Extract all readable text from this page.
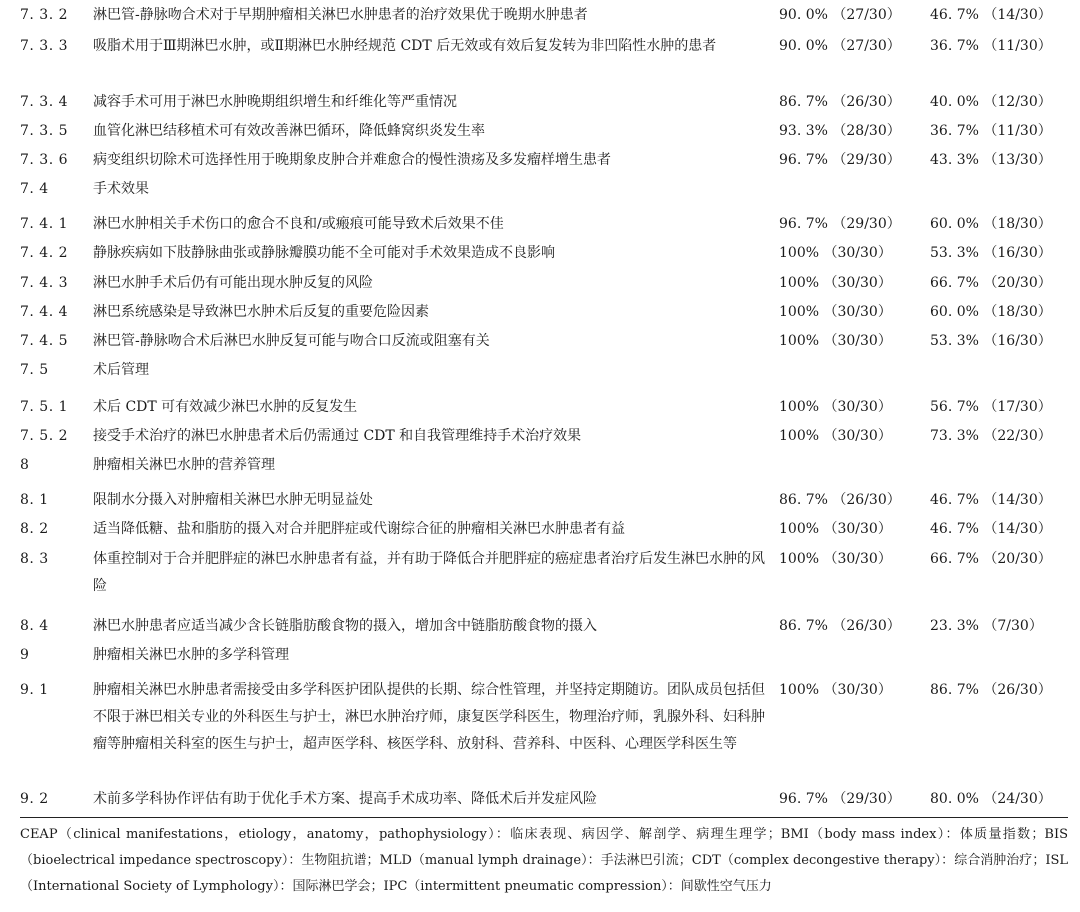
7. 3. 2 淋巴管-静脉吻合术对于早期肿瘤相关淋巴水肿患者的治疗效果优于晚期水肿患者	90. 0% （27/30） 46. 7% （14/30）
7. 3. 3 吸脂术用于Ⅲ期淋巴水肿，或Ⅱ期淋巴水肿经规范 CDT 后无效或有效后复发转为非凹陷性水肿的患者	90. 0% （27/30） 36. 7% （11/30）
7. 3. 4 减容手术可用于淋巴水肿晚期组织增生和纤维化等严重情况	86. 7% （26/30） 40. 0% （12/30）
7. 3. 5 血管化淋巴结移植术可有效改善淋巴循环，降低蜂窝织炎发生率	93. 3% （28/30） 36. 7% （11/30）
7. 3. 6 病变组织切除术可选择性用于晚期象皮肿合并难愈合的慢性溃疡及多发瘤样增生患者	96. 7% （29/30） 43. 3% （13/30）
7. 4	手术效果
7. 4. 1 淋巴水肿相关手术伤口的愈合不良和/或瘢痕可能导致术后效果不佳	96. 7% （29/30） 60. 0% （18/30）
7. 4. 2 静脉疾病如下肢静脉曲张或静脉瓣膜功能不全可能对手术效果造成不良影响	100% （30/30）	53. 3% （16/30）
7. 4. 3 淋巴水肿手术后仍有可能出现水肿反复的风险	100% （30/30）	66. 7% （20/30）
7. 4. 4 淋巴系统感染是导致淋巴水肿术后反复的重要危险因素	100% （30/30）	60. 0% （18/30）
7. 4. 5 淋巴管-静脉吻合术后淋巴水肿反复可能与吻合口反流或阻塞有关	100% （30/30）	53. 3% （16/30）
7. 5	术后管理
7. 5. 1 术后 CDT 可有效减少淋巴水肿的反复发生	100% （30/30）	56. 7% （17/30）
7. 5. 2 接受手术治疗的淋巴水肿患者术后仍需通过 CDT 和自我管理维持手术治疗效果	100% （30/30）	73. 3% （22/30）
8	肿瘤相关淋巴水肿的营养管理
8. 1	限制水分摄入对肿瘤相关淋巴水肿无明显益处	86. 7% （26/30） 46. 7% （14/30）
8. 2	适当降低糖、盐和脂肪的摄入对合并肥胖症或代谢综合征的肿瘤相关淋巴水肿患者有益	100% （30/30）	46. 7% （14/30）
8. 3	体重控制对于合并肥胖症的淋巴水肿患者有益，并有助于降低合并肥胖症的癌症患者治疗后发生淋巴水肿的风险
100% （30/30）	66. 7% （20/30）
8. 4	淋巴水肿患者应适当减少含长链脂肪酸食物的摄入，增加含中链脂肪酸食物的摄入	86. 7% （26/30） 23. 3% （7/30）
9	肿瘤相关淋巴水肿的多学科管理
9. 1	肿瘤相关淋巴水肿患者需接受由多学科医护团队提供的长期、综合性管理，并坚持定期随访。团队成员包括但不限于淋巴相关专业的外科医生与护士，淋巴水肿治疗师，康复医学科医生，物理治疗师，乳腺外科、妇科肿瘤等肿瘤相关科室的医生与护士，超声医学科、核医学科、放射科、营养科、中医科、心理医学科医生等
100% （30/30）	86. 7% （26/30）
9. 2	术前多学科协作评估有助于优化手术方案、提高手术成功率、降低术后并发症风险	96. 7% （29/30） 80. 0% （24/30）
CEAP（clinical manifestations，etiology，anatomy，pathophysiology）：临床表现、病因学、解剖学、病理生理学；BMI（body mass index）：体质量指数；BIS（bioelectrical impedance spectroscopy）：生物阻抗谱；MLD（manual lymph drainage）：手法淋巴引流；CDT（complex decongestive therapy）：综合消肿治疗；ISL（International Society of Lymphology）：国际淋巴学会；IPC（intermittent pneumatic compression）：间歇性空气压力
